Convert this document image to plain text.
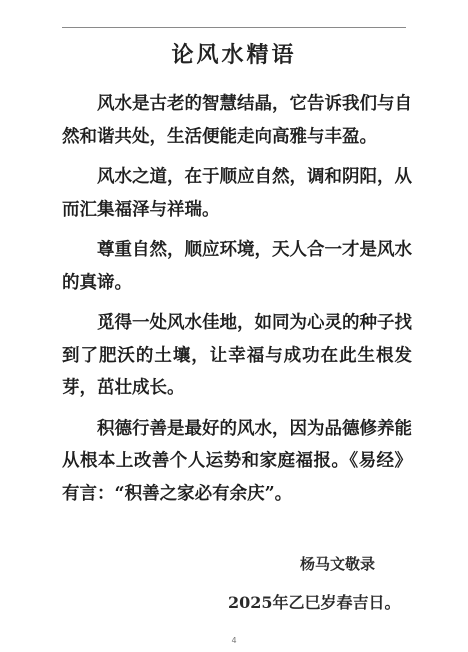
论风水精语

风水是古老的智慧结晶，它告诉我们与自然和谐共处，生活便能走向高雅与丰盈。

风水之道，在于顺应自然，调和阴阳，从而汇集福泽与祥瑞。

尊重自然，顺应环境，天人合一才是风水的真谛。

觅得一处风水佳地，如同为心灵的种子找到了肥沃的土壤，让幸福与成功在此生根发芽，茁壮成长。

积德行善是最好的风水，因为品德修养能从根本上改善个人运势和家庭福报。《易经》有言：“积善之家必有余庆”。

杨马文敬录
2025年乙巳岁春吉日。
4
